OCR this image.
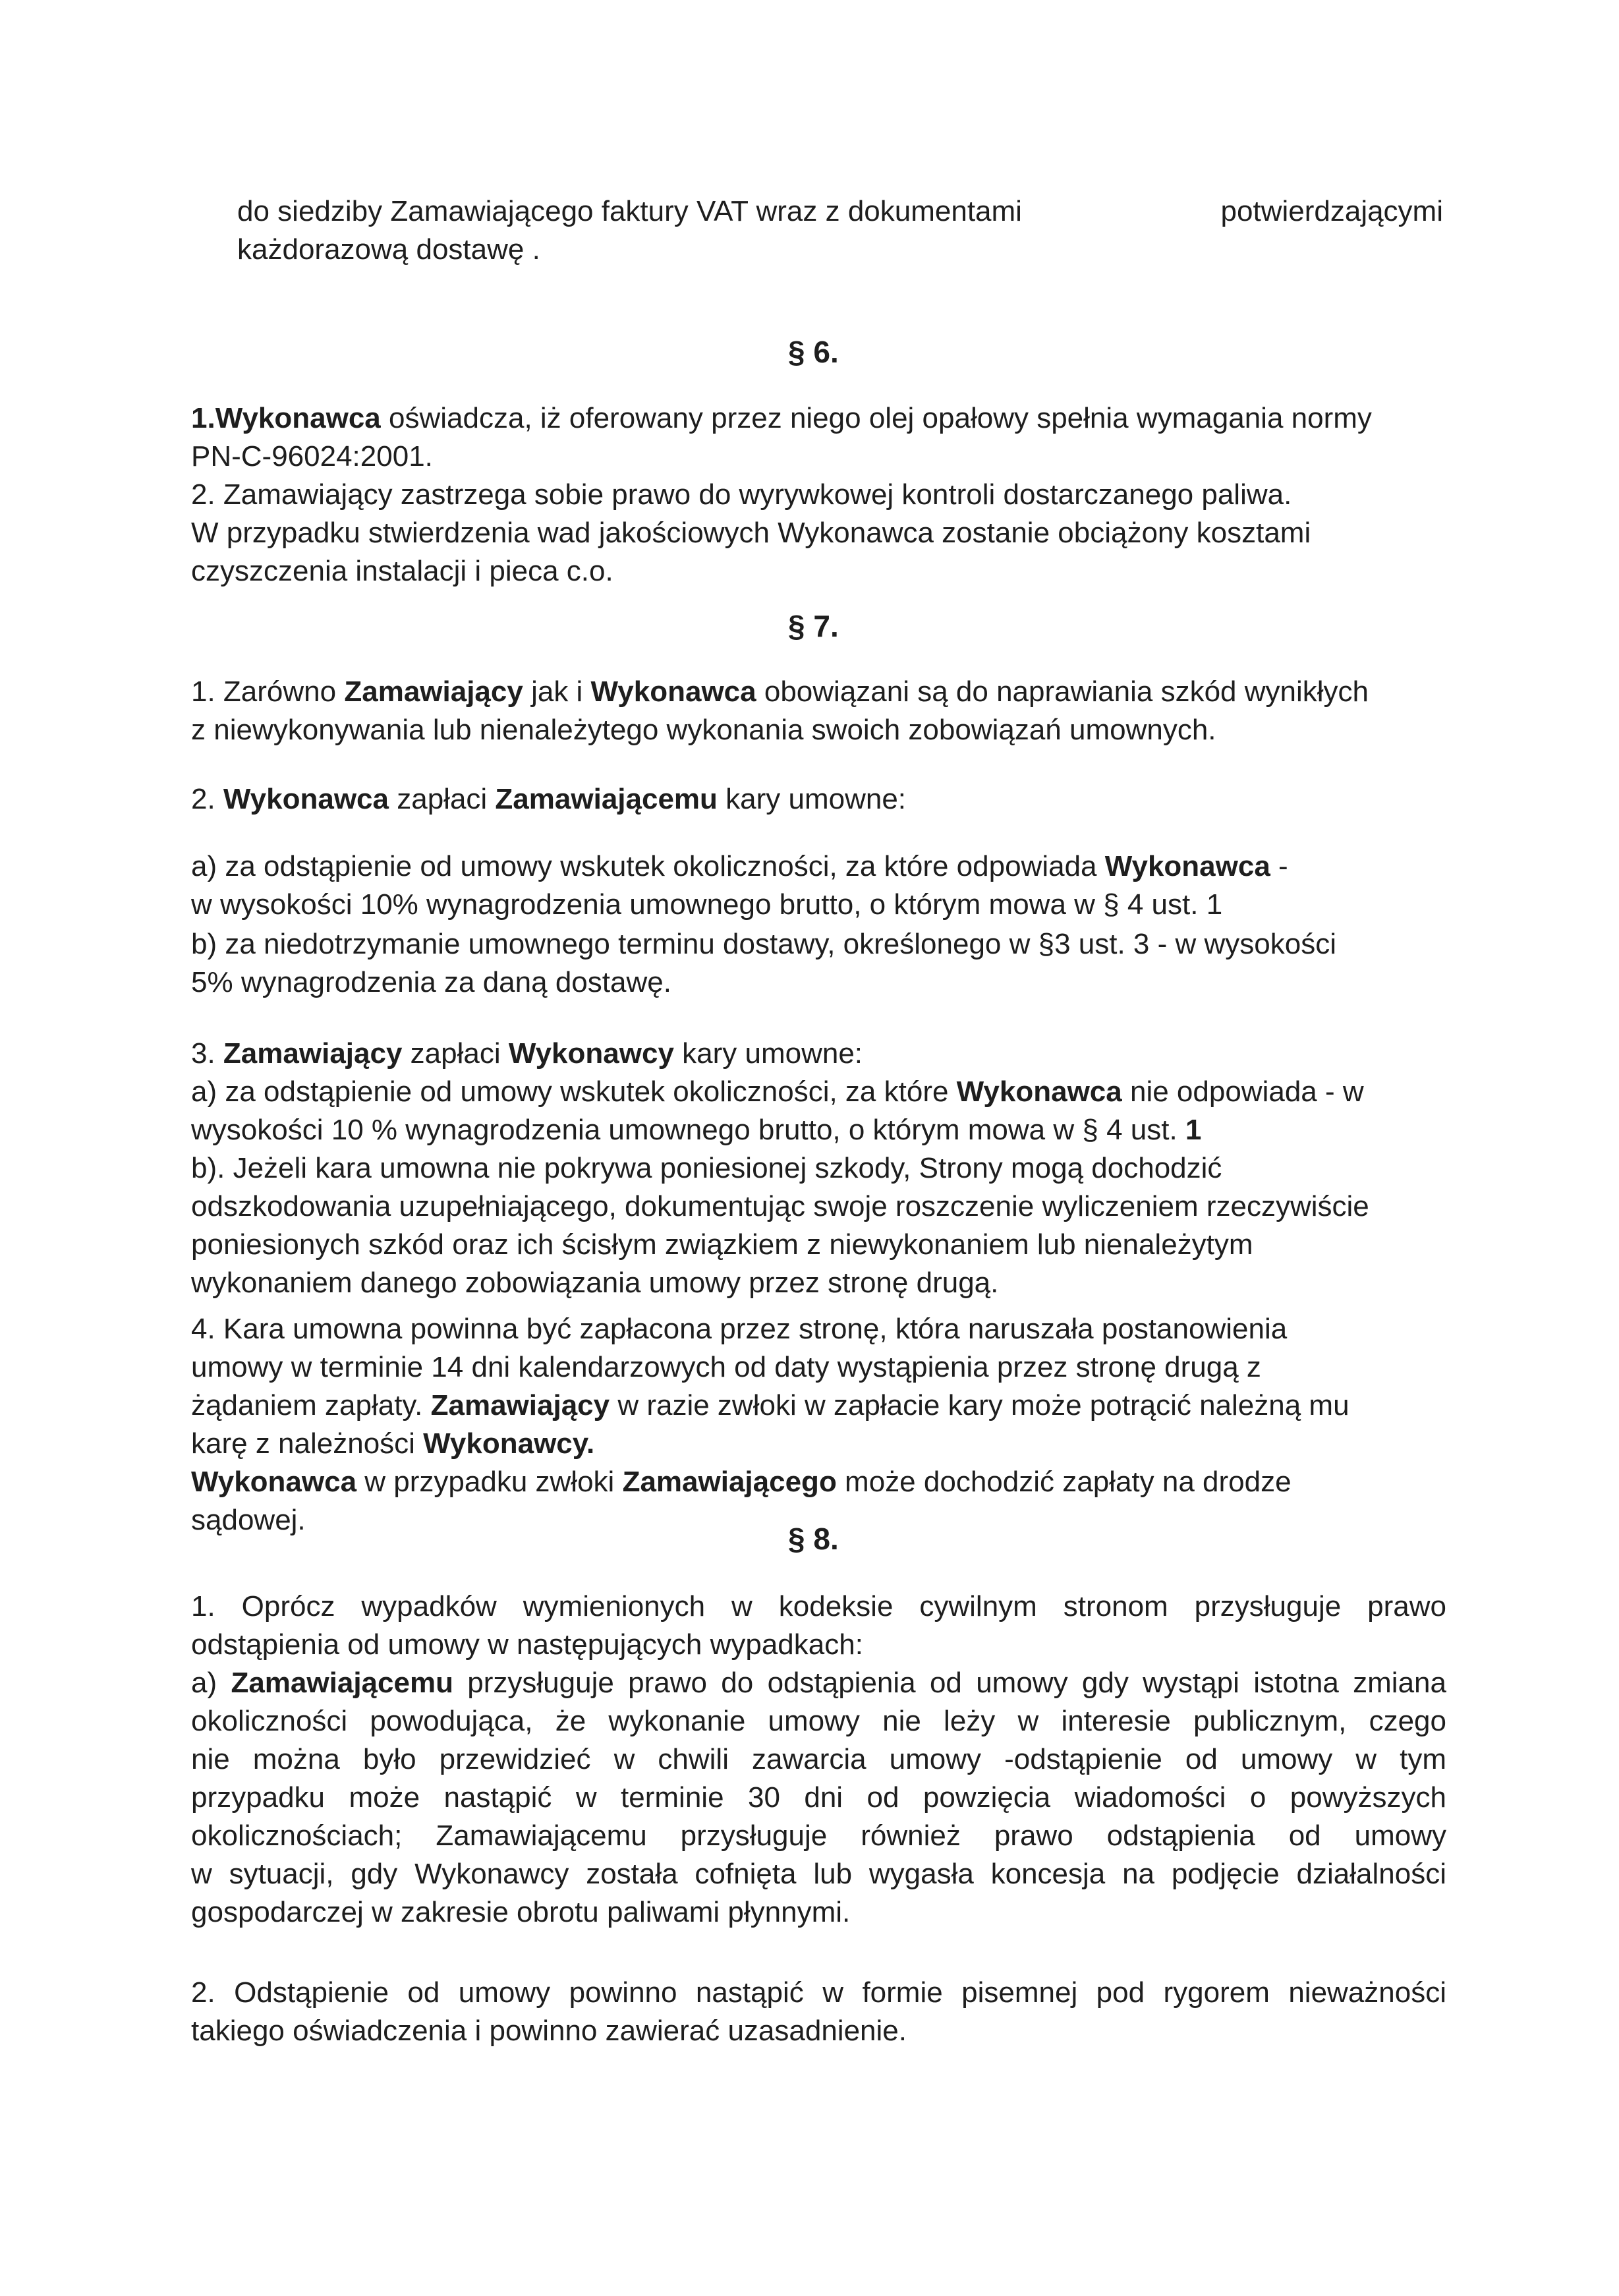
do siedziby Zamawiającego faktury VAT wraz z dokumentami	potwierdzającymi

każdorazową dostawę .

§ 6.

1.Wykonawca oświadcza, iż oferowany przez niego olej opałowy spełnia wymagania normy

PN-C-96024:2001.

2. Zamawiający zastrzega sobie prawo do wyrywkowej kontroli dostarczanego paliwa.

W przypadku stwierdzenia wad jakościowych Wykonawca zostanie obciążony kosztami

czyszczenia instalacji i pieca c.o.

§ 7.

1. Zarówno Zamawiający jak i Wykonawca obowiązani są do naprawiania szkód wynikłych

z niewykonywania lub nienależytego wykonania swoich zobowiązań umownych.

2. Wykonawca zapłaci Zamawiającemu kary umowne:

a) za odstąpienie od umowy wskutek okoliczności, za które odpowiada Wykonawca -

w wysokości 10% wynagrodzenia umownego brutto, o którym mowa w § 4 ust. 1

b) za niedotrzymanie umownego terminu dostawy, określonego w §3 ust. 3 - w wysokości

5% wynagrodzenia za daną dostawę.

3. Zamawiający zapłaci Wykonawcy kary umowne:

a) za odstąpienie od umowy wskutek okoliczności, za które Wykonawca nie odpowiada - w

wysokości 10 % wynagrodzenia umownego brutto, o którym mowa w § 4 ust. 1

b). Jeżeli kara umowna nie pokrywa poniesionej szkody, Strony mogą dochodzić

odszkodowania uzupełniającego, dokumentując swoje roszczenie wyliczeniem rzeczywiście

poniesionych szkód oraz ich ścisłym związkiem z niewykonaniem lub nienależytym

wykonaniem danego zobowiązania umowy przez stronę drugą.

4. Kara umowna powinna być zapłacona przez stronę, która naruszała postanowienia

umowy w terminie 14 dni kalendarzowych od daty wystąpienia przez stronę drugą z

żądaniem zapłaty. Zamawiający w razie zwłoki w zapłacie kary może potrącić należną mu

karę z należności Wykonawcy.

Wykonawca w przypadku zwłoki Zamawiającego może dochodzić zapłaty na drodze

sądowej.

§ 8.

1. Oprócz wypadków wymienionych w kodeksie cywilnym stronom przysługuje prawo

odstąpienia od umowy w następujących wypadkach:

a) Zamawiającemu przysługuje prawo do odstąpienia od umowy gdy wystąpi istotna zmiana

okoliczności powodująca, że wykonanie umowy nie leży w interesie publicznym, czego

nie można było przewidzieć w chwili zawarcia umowy -odstąpienie od umowy w tym

przypadku może nastąpić w terminie 30 dni od powzięcia wiadomości o powyższych

okolicznościach; Zamawiającemu przysługuje również prawo odstąpienia od umowy

w sytuacji, gdy Wykonawcy została cofnięta lub wygasła koncesja na podjęcie działalności

gospodarczej w zakresie obrotu paliwami płynnymi.

2. Odstąpienie od umowy powinno nastąpić w formie pisemnej pod rygorem nieważności

takiego oświadczenia i powinno zawierać uzasadnienie.
